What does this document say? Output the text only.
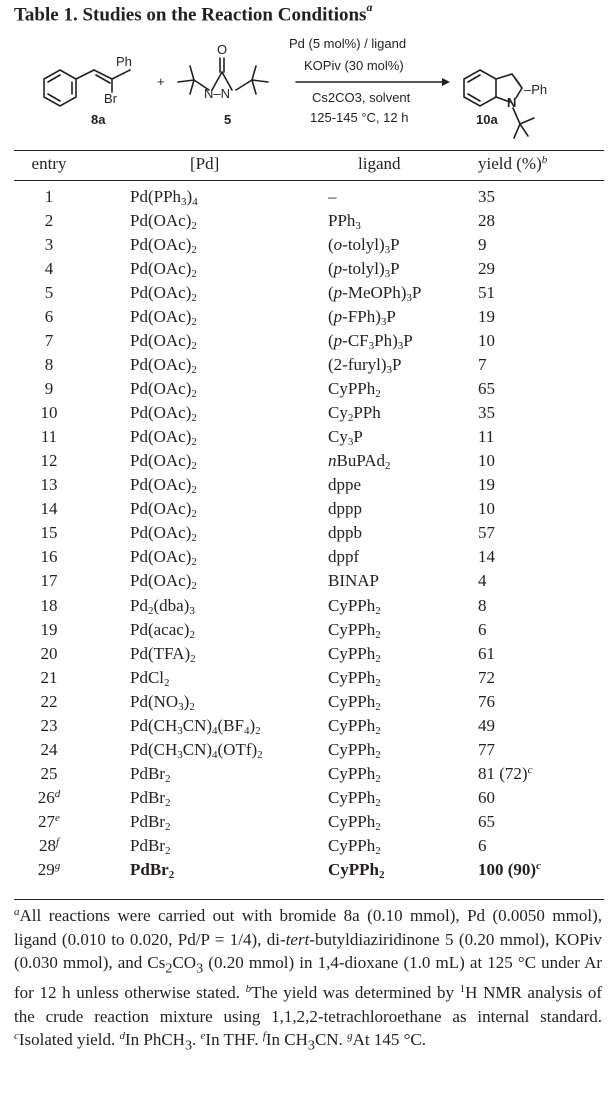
Table 1. Studies on the Reaction Conditions$^a$
Ph
Br
O
N–N	–Ph
N
+
Pd (5 mol%) / ligand
KOPiv (30 mol%)
Cs2CO3, solvent
125-145 °C, 12 h
8a	5	10a
entry	[Pd]	ligand	yield (%)$^b$
1	$Pd(PPh_3)_4$	–	35
2	$Pd(OAc)_2$	PPh$_3$	28
3	$Pd(OAc)_2$	$(o-tolyl)_3P$	9
4	$Pd(OAc)_2$	$(p-tolyl)_3P$	29
5	$Pd(OAc)_2$	$(p-MeOPh)_3P$	51
6	$Pd(OAc)_2$	$(p-FPh)_3P$	19
7	$Pd(OAc)_2$	$(p-CF_3Ph)_3P$	10
8	$Pd(OAc)_2$	$(2-furyl)_3P$	7
9	$Pd(OAc)_2$	CyPPh$_2$	65
10	$Pd(OAc)_2$	$Cy_2PPh$	35
11	$Pd(OAc)_2$	$Cy_3P$	11
12	$Pd(OAc)_2$	nBuPAd$_2$	10
13	$Pd(OAc)_2$	dppe	19
14	$Pd(OAc)_2$	dppp	10
15	$Pd(OAc)_2$	dppb	57
16	$Pd(OAc)_2$	dppf	14
17	$Pd(OAc)_2$	BINAP	4
18	$Pd_2(dba)_3$	CyPPh$_2$	8
19	$Pd(acac)_2$	CyPPh$_2$	6
20	$Pd(TFA)_2$	CyPPh$_2$	61
21	PdCl$_2$	CyPPh$_2$	72
22	$Pd(NO_3)_2$	CyPPh$_2$	76
23	$Pd(CH_3CN)_4(BF_4)_2$	CyPPh$_2$	49
24	$Pd(CH_3CN)_4(OTf)_2$	CyPPh$_2$	77
25	PdBr$_2$	CyPPh$_2$	81 $(72)^c$
26$^d$	PdBr$_2$	CyPPh$_2$	60
27e	PdBr$_2$	CyPPh$_2$	65
28$^f$	PdBr$_2$	CyPPh$_2$	6
29$^g$	PdBr$_2$	CyPPh$_2$	100 $(90)^c$
$^a$All reactions were carried out with bromide 8a (0.10 mmol), Pd (0.0050 mmol), ligand (0.010 to 0.020, Pd/P = 1/4), di-tert-butyldiaziridinone 5 (0.20 mmol), KOPiv (0.030 mmol), and $Cs_2CO_3$ (0.20 mmol) in 1,4-dioxane (1.0 mL) at 125 °C under Ar for 12 h unless otherwise stated. $^b$The yield was determined by $^1$H NMR analysis of the crude reaction mixture using 1,1,2,2-tetrachloroethane as internal standard. $^c$Isolated yield. $^d$In PhCH$_3$. $^e$In THF. $^f$In $CH_3CN$. $^g$At 145 °C.
